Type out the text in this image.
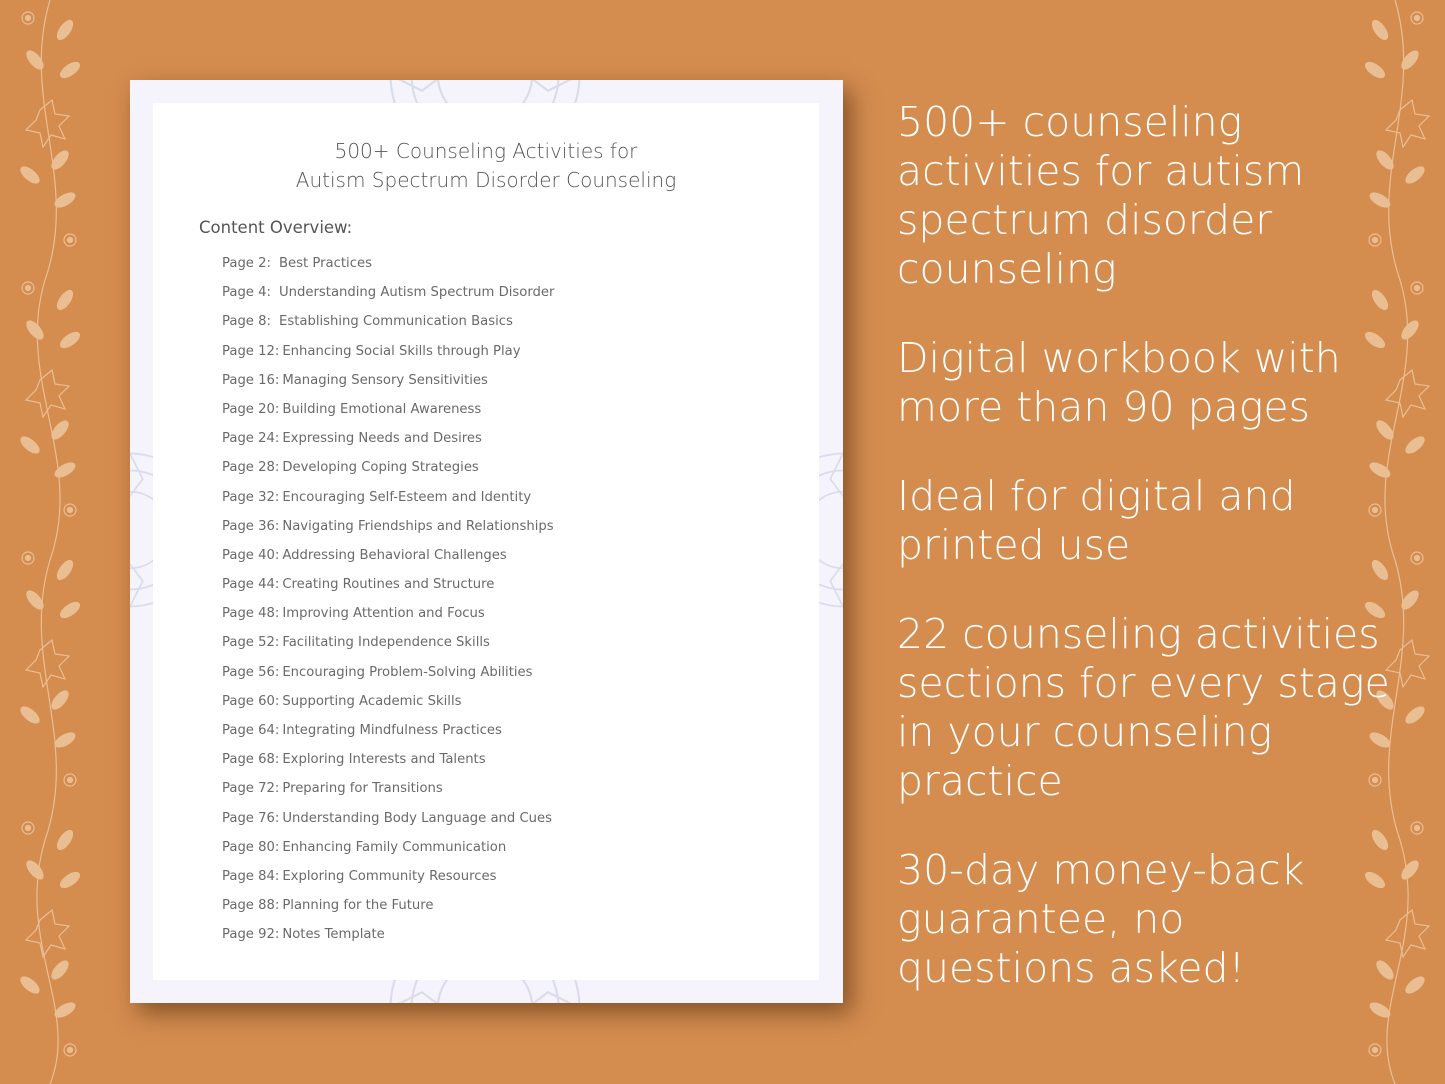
500+ Counseling Activities for
Autism Spectrum Disorder Counseling
Content Overview:
Page 2: Best Practices
Page 4: Understanding Autism Spectrum Disorder
Page 8: Establishing Communication Basics
Page 12: Enhancing Social Skills through Play
Page 16: Managing Sensory Sensitivities
Page 20: Building Emotional Awareness
Page 24: Expressing Needs and Desires
Page 28: Developing Coping Strategies
Page 32: Encouraging Self-Esteem and Identity
Page 36: Navigating Friendships and Relationships
Page 40: Addressing Behavioral Challenges
Page 44: Creating Routines and Structure
Page 48: Improving Attention and Focus
Page 52: Facilitating Independence Skills
Page 56: Encouraging Problem-Solving Abilities
Page 60: Supporting Academic Skills
Page 64: Integrating Mindfulness Practices
Page 68: Exploring Interests and Talents
Page 72: Preparing for Transitions
Page 76: Understanding Body Language and Cues
Page 80: Enhancing Family Communication
Page 84: Exploring Community Resources
Page 88: Planning for the Future
Page 92: Notes Template
500+ counseling
activities for autism
spectrum disorder
counseling
Digital workbook with
more than 90 pages
Ideal for digital and
printed use
22 counseling activities
sections for every stage
in your counseling
practice
30-day money-back
guarantee, no
questions asked!
